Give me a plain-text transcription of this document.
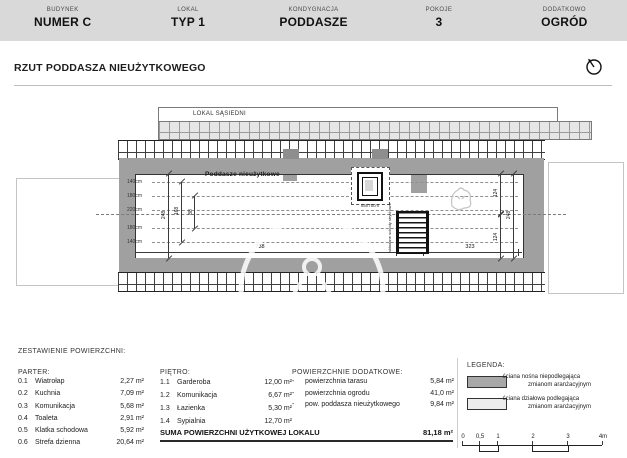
BUDYNEK
NUMER C
LOKAL
TYP 1
KONDYGNACJA
PODDASZE
POKOJE
3
DODATKOWO
OGRÓD
RZUT PODDASZA NIEUŻYTKOWEGO
LOKAL SĄSIEDNI
140cm
180cm
220cm
180cm
140cm
Poddasze nieużytkowe
248 168 88
124
124
248
738	323
55x75cm	składane schody strychowe
ZESTAWIENIE POWIERZCHNI:
PARTER:
0.1	Wiatrołap	2,27 m²
0.2	Kuchnia	7,09 m²
0.3	Komunikacja	5,68 m²
0.4	Toaleta	2,91 m²
0.5	Klatka schodowa	5,92 m²
0.6	Strefa dzienna	20,64 m²
PIĘTRO:
1.1	Garderoba	12,00 m²
1.2	Komunikacja	6,67 m²
1.3	Łazienka	5,30 m²
1.4	Sypialnia	12,70 m²
POWIERZCHNIE DODATKOWE:
-	powierzchnia tarasu	5,84 m²
-	powierzchnia ogrodu	41,0 m²
-	pow. poddasza nieużytkowego	9,84 m²
SUMA POWIERZCHNI UŻYTKOWEJ LOKALU	81,18 m²
LEGENDA:
- ściana nośna niepodlegająca
zmianom aranżacyjnym
- ściana działowa podlegająca
zmianom aranżacyjnym
0	0,5	1	2	3	4m
